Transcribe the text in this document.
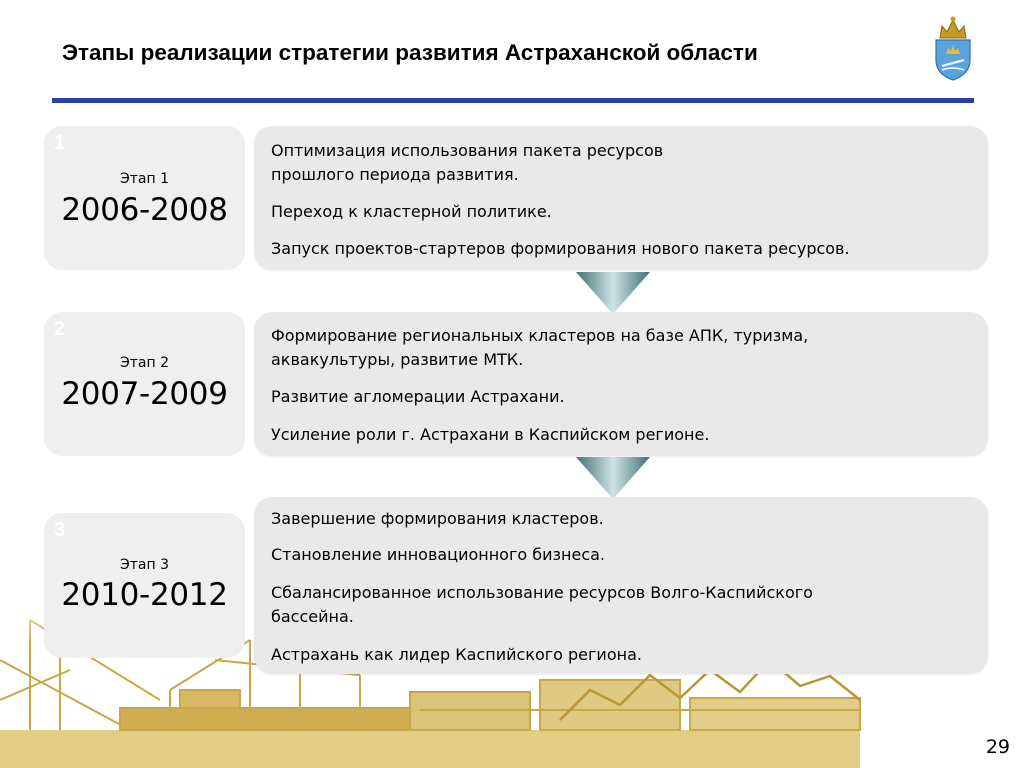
Этапы реализации стратегии развития Астраханской области
1
Этап 1
2006-2008
Оптимизация использования пакета ресурсов
прошлого периода развития.
Переход к кластерной политике.
Запуск проектов-стартеров формирования нового пакета ресурсов.
2
Этап 2
2007-2009
Формирование региональных кластеров на базе АПК, туризма,
аквакультуры, развитие МТК.
Развитие агломерации Астрахани.
Усиление роли г. Астрахани в Каспийском регионе.
3
Этап 3
2010-2012
Завершение формирования кластеров.
Становление инновационного бизнеса.
Сбалансированное использование ресурсов Волго-Каспийского
бассейна.
Астрахань как лидер Каспийского региона.
29
